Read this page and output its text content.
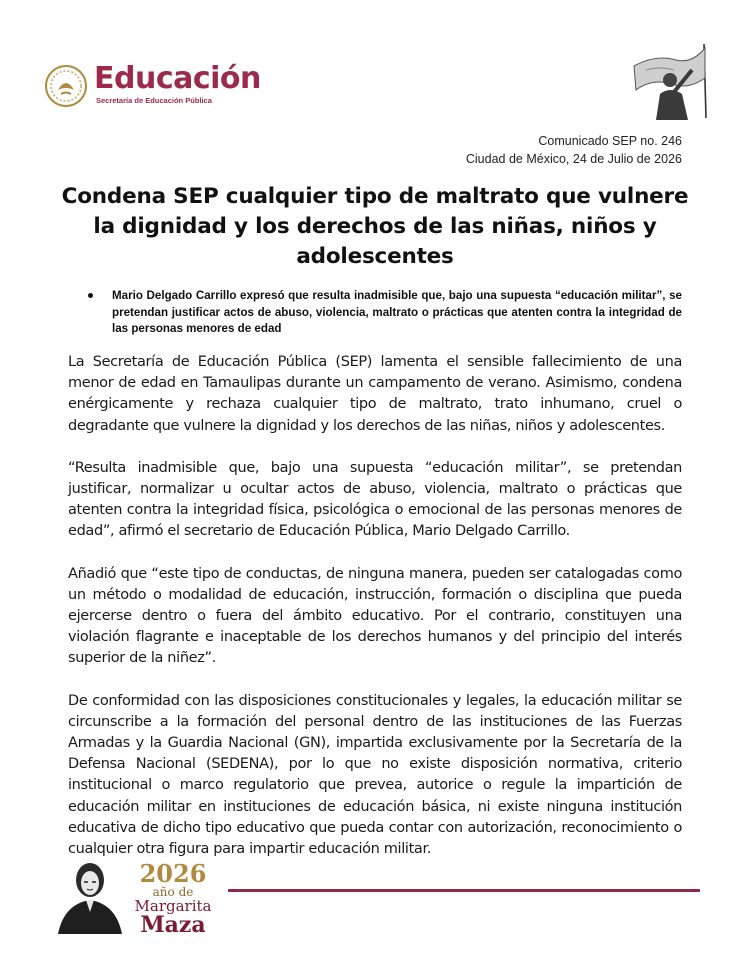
Educación
Secretaría de Educación Pública
Comunicado SEP no. 246
Ciudad de México, 24 de Julio de 2026
Condena SEP cualquier tipo de maltrato que vulnere la dignidad y los derechos de las niñas, niños y adolescentes
Mario Delgado Carrillo expresó que resulta inadmisible que, bajo una supuesta “educación militar”, se pretendan justificar actos de abuso, violencia, maltrato o prácticas que atenten contra la integridad de las personas menores de edad

La Secretaría de Educación Pública (SEP) lamenta el sensible fallecimiento de una menor de edad en Tamaulipas durante un campamento de verano. Asimismo, condena enérgicamente y rechaza cualquier tipo de maltrato, trato inhumano, cruel o degradante que vulnere la dignidad y los derechos de las niñas, niños y adolescentes.

“Resulta inadmisible que, bajo una supuesta “educación militar”, se pretendan justificar, normalizar u ocultar actos de abuso, violencia, maltrato o prácticas que atenten contra la integridad física, psicológica o emocional de las personas menores de edad”, afirmó el secretario de Educación Pública, Mario Delgado Carrillo.

Añadió que “este tipo de conductas, de ninguna manera, pueden ser catalogadas como un método o modalidad de educación, instrucción, formación o disciplina que pueda ejercerse dentro o fuera del ámbito educativo. Por el contrario, constituyen una violación flagrante e inaceptable de los derechos humanos y del principio del interés superior de la niñez”.

De conformidad con las disposiciones constitucionales y legales, la educación militar se circunscribe a la formación del personal dentro de las instituciones de las Fuerzas Armadas y la Guardia Nacional (GN), impartida exclusivamente por la Secretaría de la Defensa Nacional (SEDENA), por lo que no existe disposición normativa, criterio institucional o marco regulatorio que prevea, autorice o regule la impartición de educación militar en instituciones de educación básica, ni existe ninguna institución educativa de dicho tipo educativo que pueda contar con autorización, reconocimiento o cualquier otra figura para impartir educación militar.

2026
año de
Margarita
Maza
